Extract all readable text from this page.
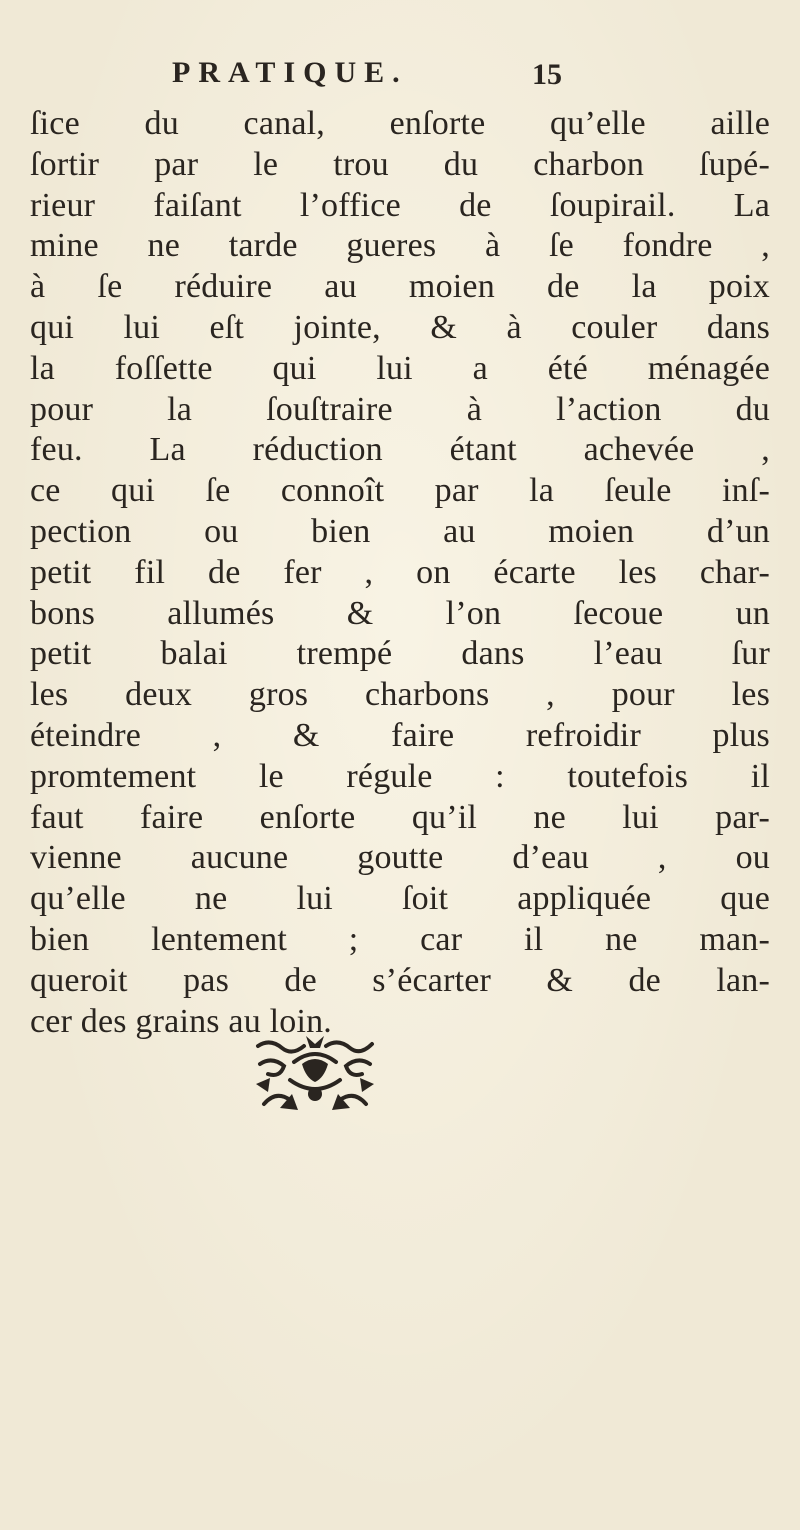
PRATIQUE.	15
ſice du canal, enſorte qu’elle aille
ſortir par le trou du charbon ſupé-
rieur faiſant l’office de ſoupirail. La
mine ne tarde gueres à ſe fondre ,
à ſe réduire au moien de la poix
qui lui eſt jointe, & à couler dans
la foſſette qui lui a été ménagée
pour la ſouſtraire à l’action du
feu. La réduction étant achevée ,
ce qui ſe connoît par la ſeule inſ-
pection ou bien au moien d’un
petit fil de fer , on écarte les char-
bons allumés & l’on ſecoue un
petit balai trempé dans l’eau ſur
les deux gros charbons , pour les
éteindre , & faire refroidir plus
promtement le régule : toutefois il
faut faire enſorte qu’il ne lui par-
vienne aucune goutte d’eau , ou
qu’elle ne lui ſoit appliquée que
bien lentement ; car il ne man-
queroit pas de s’écarter & de lan-
cer des grains au loin.
